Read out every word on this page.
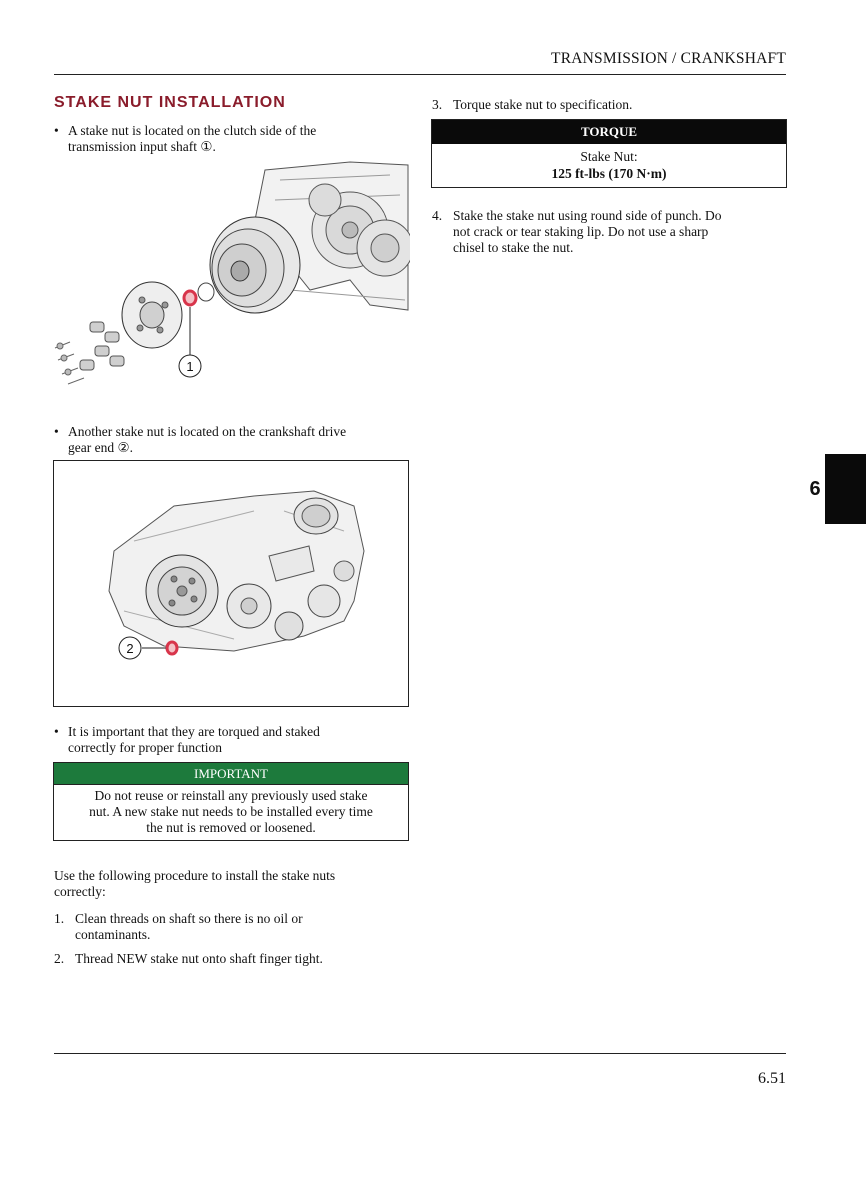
TRANSMISSION / CRANKSHAFT
6
STAKE NUT INSTALLATION
• A stake nut is located on the clutch side of the
transmission input shaft ①.
1
• Another stake nut is located on the crankshaft drive
gear end ②.
2
• It is important that they are torqued and staked
correctly for proper function
IMPORTANT
Do not reuse or reinstall any previously used stake
nut. A new stake nut needs to be installed every time
the nut is removed or loosened.
Use the following procedure to install the stake nuts
correctly:
1. Clean threads on shaft so there is no oil or
contaminants.
2. Thread NEW stake nut onto shaft finger tight.
3. Torque stake nut to specification.
TORQUE
Stake Nut:
125 ft-lbs (170 N·m)
4. Stake the stake nut using round side of punch. Do
not crack or tear staking lip. Do not use a sharp
chisel to stake the nut.
6.51
